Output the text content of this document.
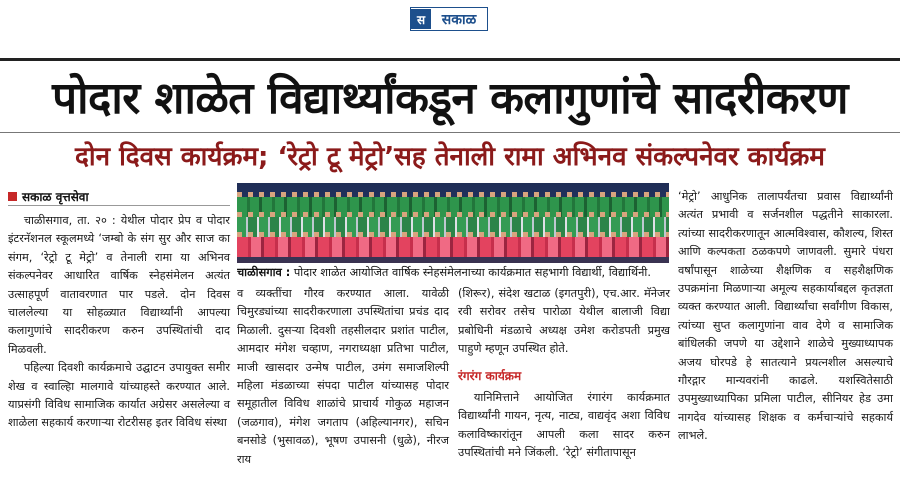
स	सकाळ
पोदार शाळेत विद्यार्थ्यांकडून कलागुणांचे सादरीकरण
दोन दिवस कार्यक्रम; ‘रेट्रो टू मेट्रो’सह तेनाली रामा अभिनव संकल्पनेवर कार्यक्रम
सकाळ वृत्तसेवा

चाळीसगाव, ता. २० : येथील पोदार प्रेप व पोदार इंटरनॅशनल स्कूलमध्ये ‘जम्बो के संग सुर और साज का संगम, ‘रेट्रो टू मेट्रो’ व तेनाली रामा या अभिनव संकल्पनेवर आधारित वार्षिक स्नेहसंमेलन अत्यंत उत्साहपूर्ण वातावरणात पार पडले. दोन दिवस चाललेल्या या सोहळ्यात विद्यार्थ्यांनी आपल्या कलागुणांचे सादरीकरण करुन उपस्थितांची दाद मिळवली.

पहिल्या दिवशी कार्यक्रमाचे उद्घाटन उपायुक्त समीर शेख व स्वाल्हिा मालगावे यांच्याहस्ते करण्यात आले. याप्रसंगी विविध सामाजिक कार्यात अग्रेसर असलेल्या व शाळेला सहकार्य करणाऱ्या रोटरीसह इतर विविध संस्था

चाळीसगाव : पोदार शाळेत आयोजित वार्षिक स्नेहसंमेलनाच्या कार्यक्रमात सहभागी विद्यार्थी, विद्यार्थिनी.

व व्यक्तींचा गौरव करण्यात आला. यावेळी चिमुरड्यांच्या सादरीकरणाला उपस्थितांचा प्रचंड दाद मिळाली. दुसऱ्या दिवशी तहसीलदार प्रशांत पाटील, आमदार मंगेश चव्हाण, नगराध्यक्षा प्रतिभा पाटील, माजी खासदार उन्मेष पाटील, उमंग समाजशिल्पी महिला मंडळाच्या संपदा पाटील यांच्यासह पोदार समूहातील विविध शाळांचे प्राचार्य गोकुळ महाजन (जळगाव), मंगेश जगताप (अहिल्यानगर), सचिन बनसोडे (भुसावळ), भूषण उपासनी (धुळे), नीरज राय

(शिरूर), संदेश खटाळ (इगतपुरी), एच.आर. मॅनेजर रवी सरोवर तसेच पारोळा येथील बालाजी विद्या प्रबोधिनी मंडळाचे अध्यक्ष उमेश करोडपती प्रमुख पाहुणे म्हणून उपस्थित होते.

रंगरंग कार्यक्रम

यानिमित्ताने आयोजित रंगारंग कार्यक्रमात विद्यार्थ्यांनी गायन, नृत्य, नाट्य, वाद्यवृंद अशा विविध कलाविष्कारांतून आपली कला सादर करुन उपस्थितांची मने जिंकली. ‘रेट्रो’ संगीतापासून

‘मेट्रो’ आधुनिक तालापर्यंतचा प्रवास विद्यार्थ्यांनी अत्यंत प्रभावी व सर्जनशील पद्धतीने साकारला. त्यांच्या सादरीकरणातून आत्मविश्वास, कौशल्य, शिस्त आणि कल्पकता ठळकपणे जाणवली. सुमारे पंधरा वर्षांपासून शाळेच्या शैक्षणिक व सहशैक्षणिक उपक्रमांना मिळणाऱ्या अमूल्य सहकार्याबद्दल कृतज्ञता व्यक्त करण्यात आली. विद्यार्थ्यांचा सर्वांगीण विकास, त्यांच्या सुप्त कलागुणांना वाव देणे व सामाजिक बांधिलकी जपणे या उद्देशाने शाळेचे मुख्याध्यापक अजय घोरपडे हे सातत्याने प्रयत्नशील असल्याचे गौरद्गार मान्यवरांनी काढले. यशस्वितेसाठी उपमुख्याध्यापिका प्रमिला पाटील, सीनियर हेड उमा नागदेव यांच्यासह शिक्षक व कर्मचाऱ्यांचे सहकार्य लाभले.
